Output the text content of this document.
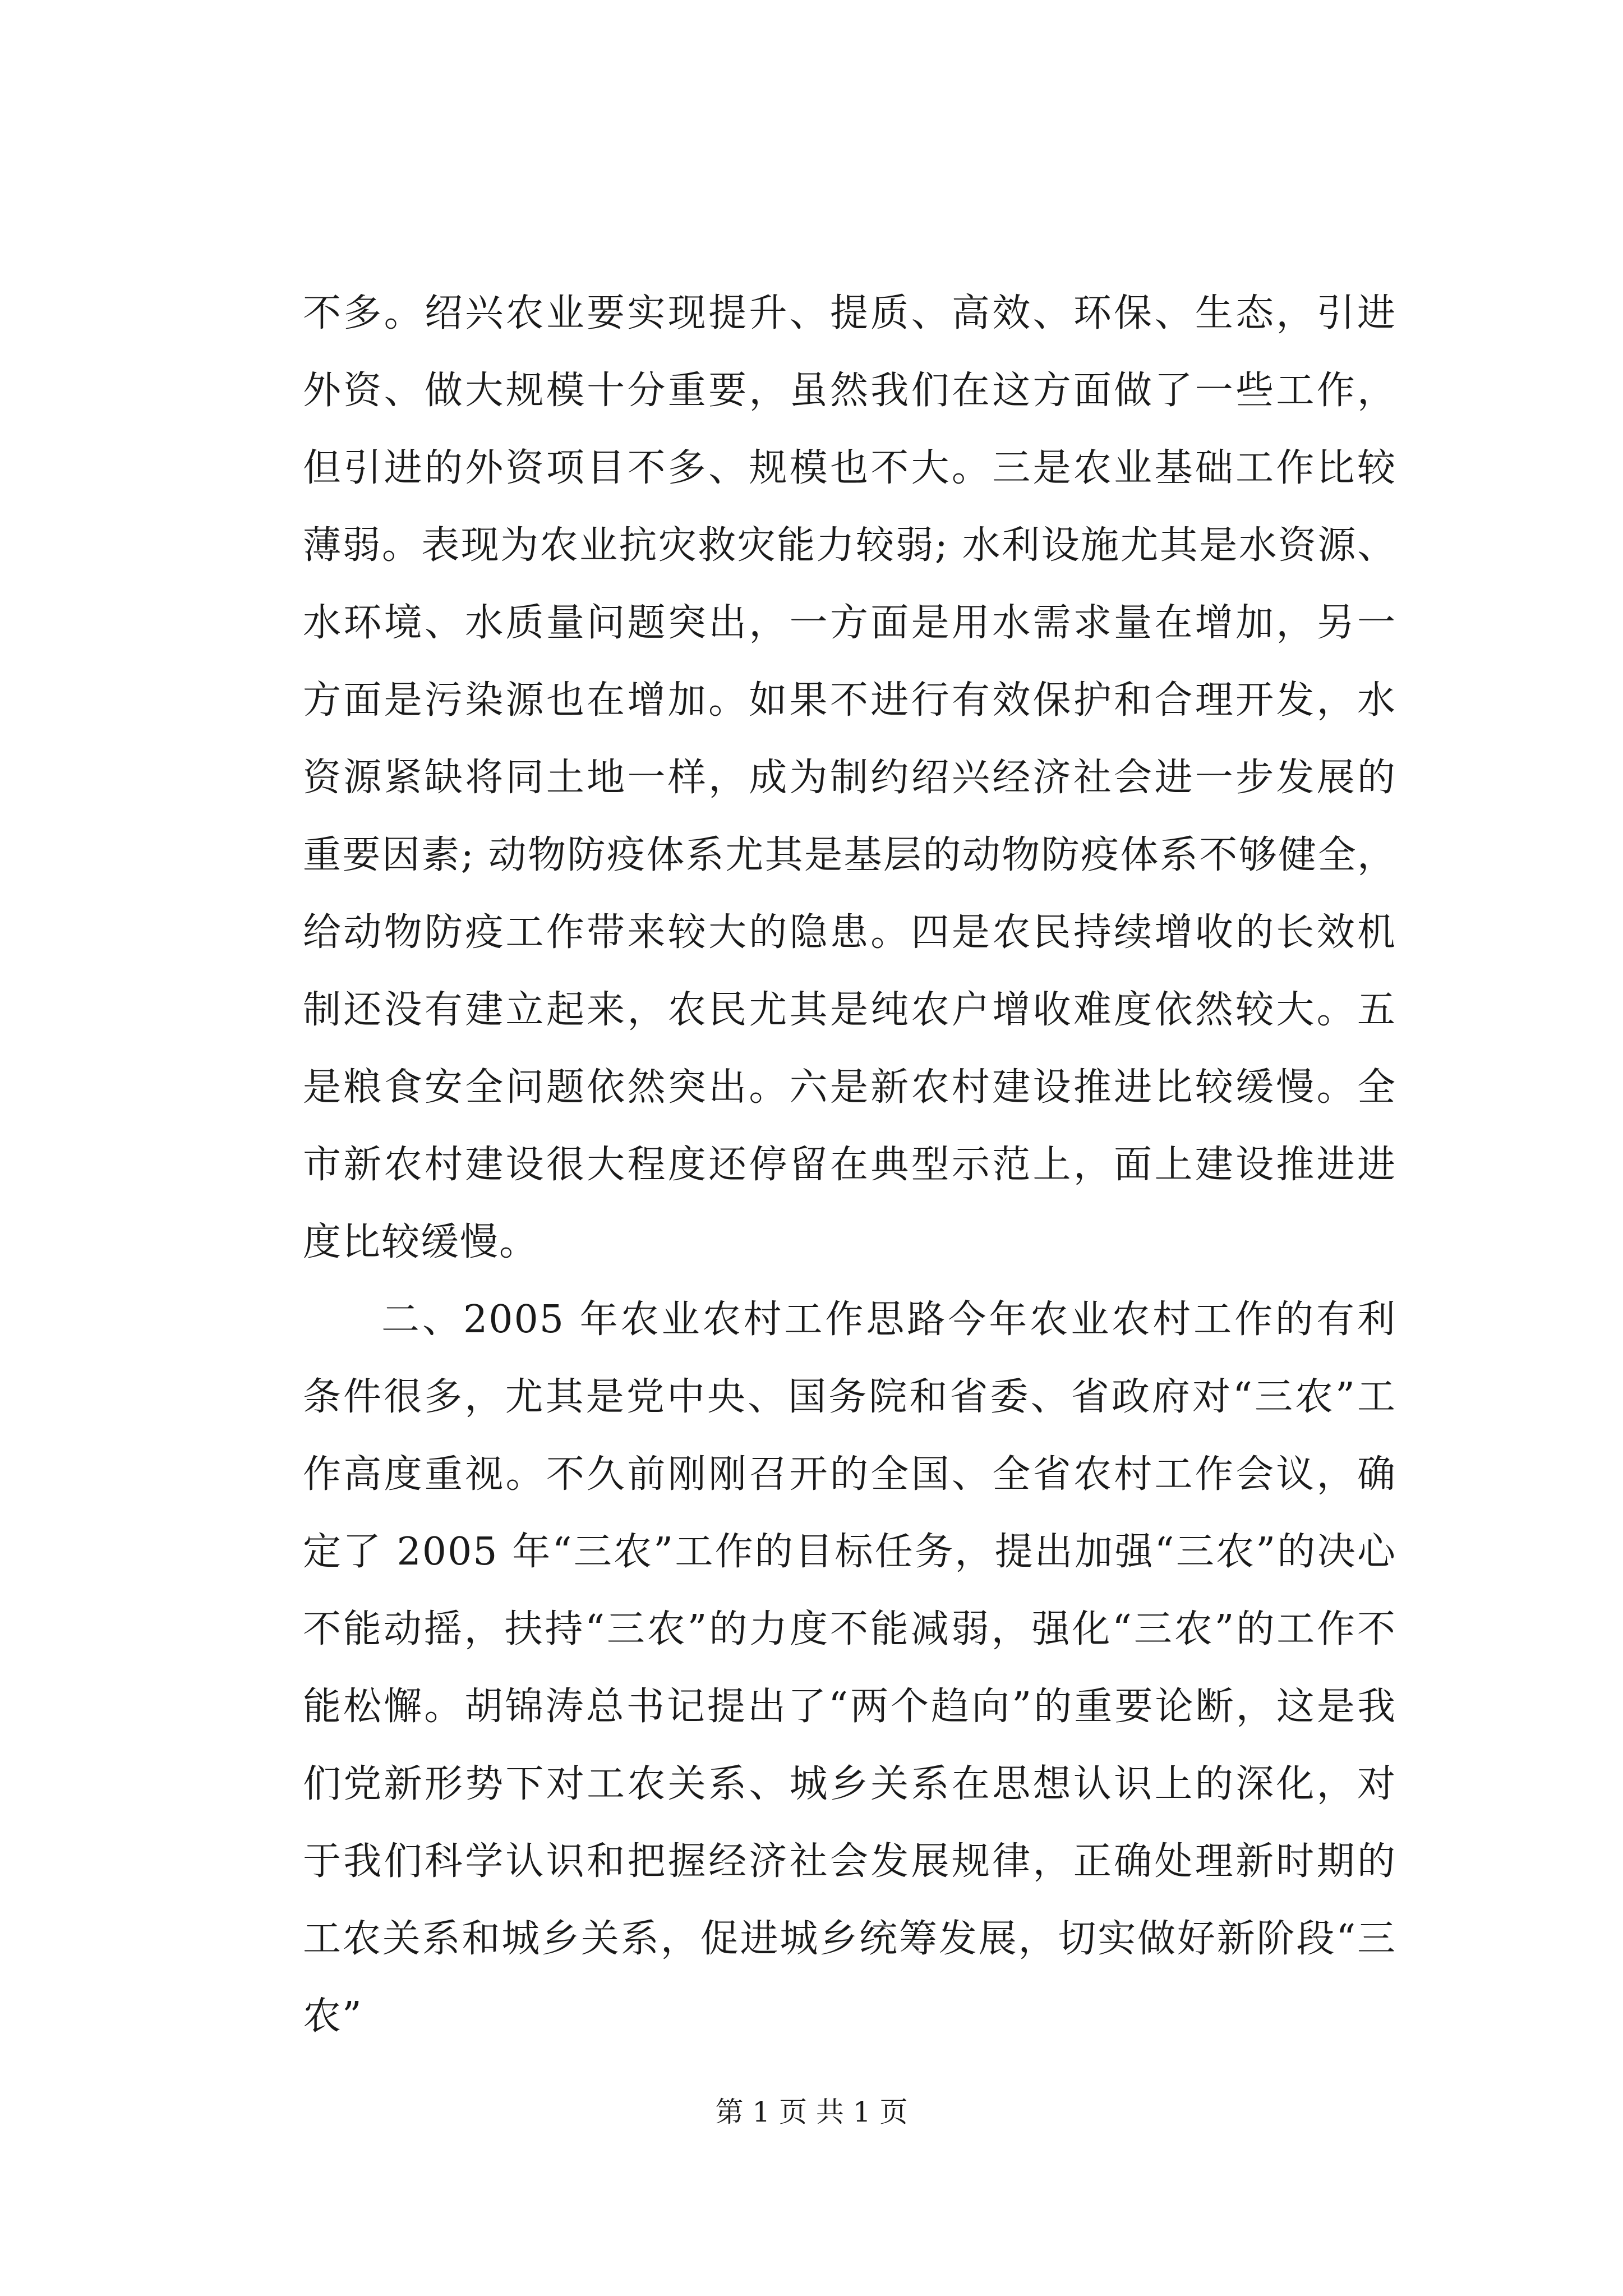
不多。绍兴农业要实现提升、提质、高效、环保、生态，引进外资、做大规模十分重要，虽然我们在这方面做了一些工作，但引进的外资项目不多、规模也不大。三是农业基础工作比较薄弱。表现为农业抗灾救灾能力较弱; 水利设施尤其是水资源、水环境、水质量问题突出，一方面是用水需求量在增加，另一方面是污染源也在增加。如果不进行有效保护和合理开发，水资源紧缺将同土地一样，成为制约绍兴经济社会进一步发展的重要因素; 动物防疫体系尤其是基层的动物防疫体系不够健全，给动物防疫工作带来较大的隐患。四是农民持续增收的长效机制还没有建立起来，农民尤其是纯农户增收难度依然较大。五是粮食安全问题依然突出。六是新农村建设推进比较缓慢。全市新农村建设很大程度还停留在典型示范上，面上建设推进进度比较缓慢。

二、2005 年农业农村工作思路今年农业农村工作的有利条件很多，尤其是党中央、国务院和省委、省政府对“三农”工作高度重视。不久前刚刚召开的全国、全省农村工作会议，确定了 2005 年“三农”工作的目标任务，提出加强“三农”的决心不能动摇，扶持“三农”的力度不能减弱，强化“三农”的工作不能松懈。胡锦涛总书记提出了“两个趋向”的重要论断，这是我们党新形势下对工农关系、城乡关系在思想认识上的深化，对于我们科学认识和把握经济社会发展规律，正确处理新时期的工农关系和城乡关系，促进城乡统筹发展，切实做好新阶段“三农”

第 1 页 共 1 页
